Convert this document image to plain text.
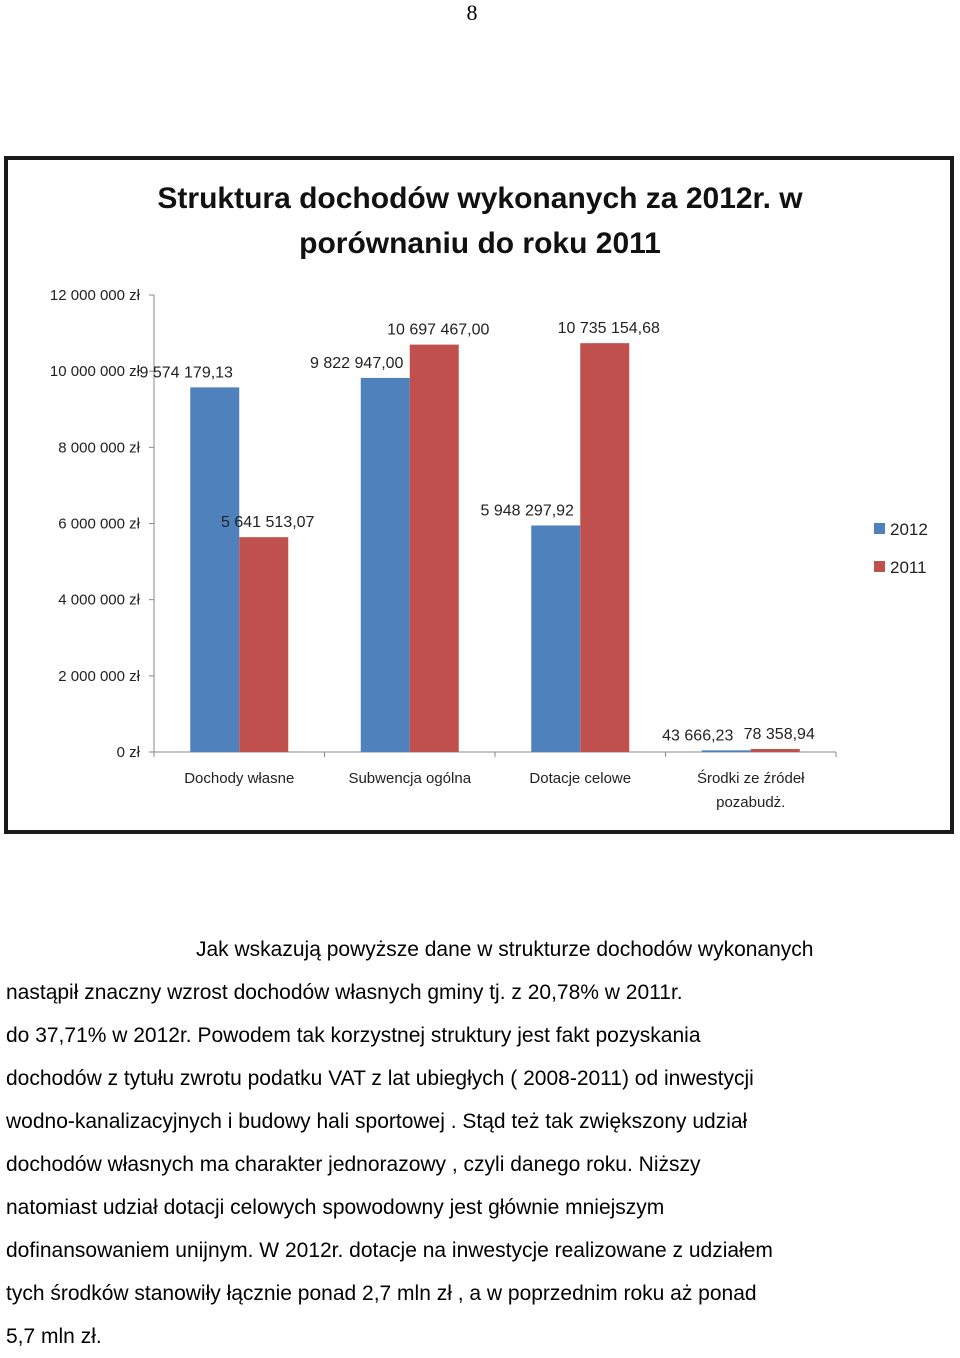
8
Struktura dochodów wykonanych za 2012r. w
porównaniu do roku 2011
0 zł
2 000 000 zł
4 000 000 zł
6 000 000 zł
8 000 000 zł
10 000 000 zł
12 000 000 zł
Dochody własne	Subwencja ogólna	Dotacje celowe	Środki ze źródeł
pozabudż.
9 574 179,13
9 822 947,00
5 948 297,92
43 666,23
5 641 513,07
10 697 467,00	10 735 154,68
78 358,94
2012
2011
Jak wskazują powyższe dane w strukturze dochodów wykonanych
nastąpił znaczny wzrost dochodów własnych gminy tj. z 20,78% w 2011r.
do 37,71% w 2012r. Powodem tak korzystnej struktury jest fakt pozyskania
dochodów z tytułu zwrotu podatku VAT z lat ubiegłych ( 2008-2011) od inwestycji
wodno-kanalizacyjnych i budowy hali sportowej . Stąd też tak zwiększony udział
dochodów własnych ma charakter jednorazowy , czyli danego roku. Niższy
natomiast udział dotacji celowych spowodowny jest głównie mniejszym
dofinansowaniem unijnym. W 2012r. dotacje na inwestycje realizowane z udziałem
tych środków stanowiły łącznie ponad 2,7 mln zł , a w poprzednim roku aż ponad
5,7 mln zł.
